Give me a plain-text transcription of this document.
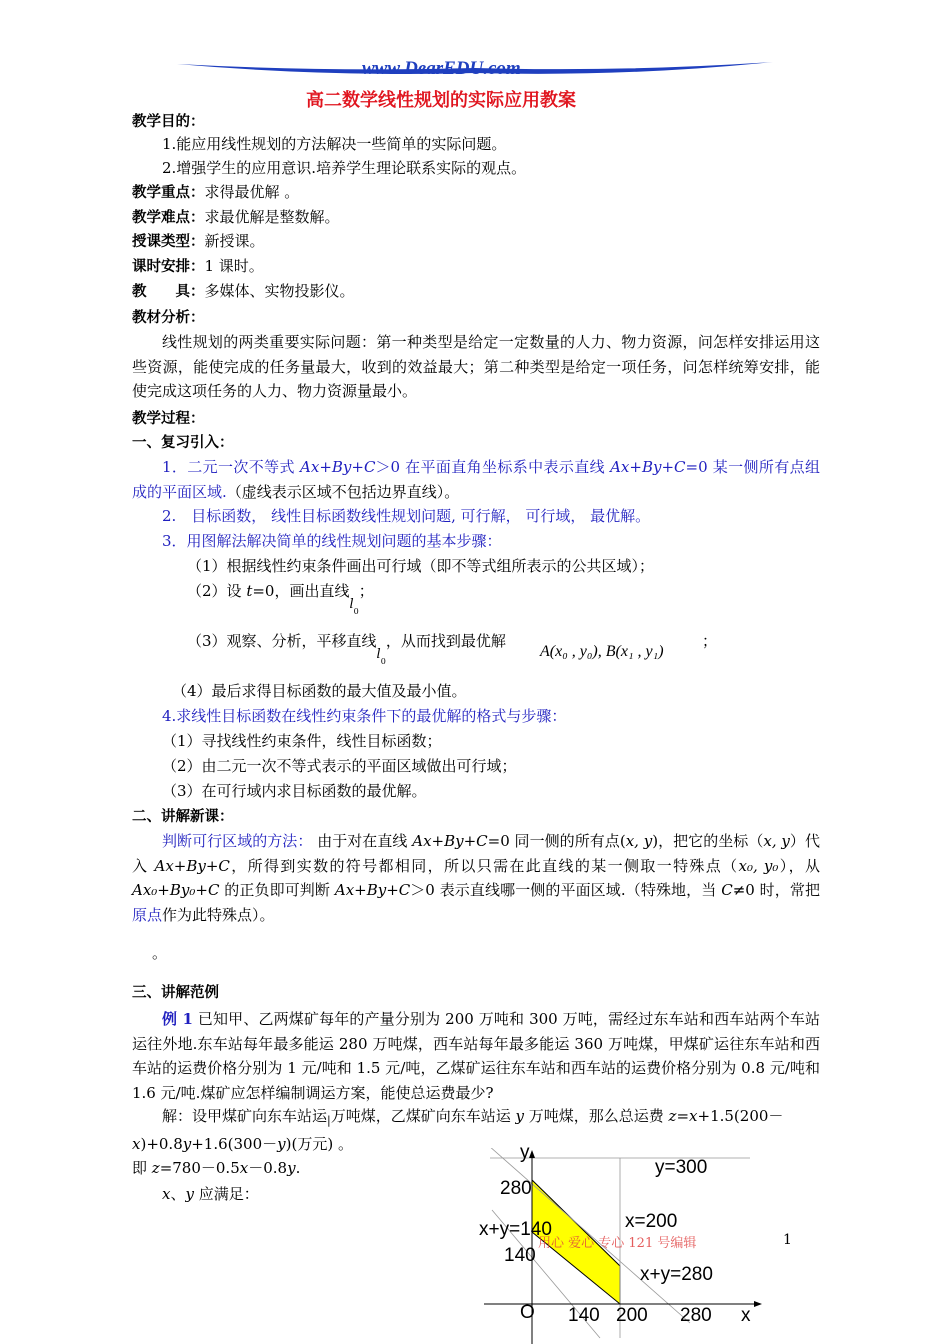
www.DearEDU.com
高二数学线性规划的实际应用教案
教学目的：
1.能应用线性规划的方法解决一些简单的实际问题。
2.增强学生的应用意识.培养学生理论联系实际的观点。
教学重点：求得最优解 。
教学难点：求最优解是整数解。
授课类型：新授课。
课时安排：1 课时。
教　　具：多媒体、实物投影仪。
教材分析：
线性规划的两类重要实际问题：第一种类型是给定一定数量的人力、物力资源，问怎样安排运用这些资源，能使完成的任务量最大，收到的效益最大；第二种类型是给定一项任务，问怎样统筹安排，能使完成这项任务的人力、物力资源量最小。
教学过程：
一、复习引入：
1．二元一次不等式 Ax+By+C＞0 在平面直角坐标系中表示直线 Ax+By+C=0 某一侧所有点组成的平面区域.（虚线表示区域不包括边界直线）。
2.　目标函数， 线性目标函数线性规划问题, 可行解， 可行域， 最优解。
3．用图解法解决简单的线性规划问题的基本步骤：
（1）根据线性约束条件画出可行域（即不等式组所表示的公共区域）；
（2）设 t=0，画出直线$l_0$；
（3）观察、分析，平移直线$l_0$，从而找到最优解
A(x₀ , y₀), B(x₁ , y₁)
；
（4）最后求得目标函数的最大值及最小值。
4.求线性目标函数在线性约束条件下的最优解的格式与步骤：
（1）寻找线性约束条件，线性目标函数；
（2）由二元一次不等式表示的平面区域做出可行域；
（3）在可行域内求目标函数的最优解。
二、讲解新课：
判断可行区域的方法： 由于对在直线 Ax+By+C=0 同一侧的所有点(x, y)，把它的坐标（x, y）代入 Ax+By+C，所得到实数的符号都相同，所以只需在此直线的某一侧取一特殊点（x₀, y₀），从 Ax₀+By₀+C 的正负即可判断 Ax+By+C＞0 表示直线哪一侧的平面区域.（特殊地，当 C≠0 时，常把原点作为此特殊点）。
。
三、讲解范例
例 1 已知甲、乙两煤矿每年的产量分别为 200 万吨和 300 万吨，需经过东车站和西车站两个车站运往外地.东车站每年最多能运 280 万吨煤，西车站每年最多能运 360 万吨煤，甲煤矿运往东车站和西车站的运费价格分别为 1 元/吨和 1.5 元/吨，乙煤矿运往东车站和西车站的运费价格分别为 0.8 元/吨和 1.6 元/吨.煤矿应怎样编制调运方案，能使总运费最少?
解：设甲煤矿向东车站运$_|$万吨煤，乙煤矿向东车站运 y 万吨煤，那么总运费 z=x+1.5(200－
x)+0.8y+1.6(300－y)(万元) 。
即 z=780－0.5x－0.8y.
x、y 应满足：
y
y=300
280
x=200
x+y=140
140
x+y=280
O 140 200 280 x
用心 爱心 专心 121 号编辑	1
